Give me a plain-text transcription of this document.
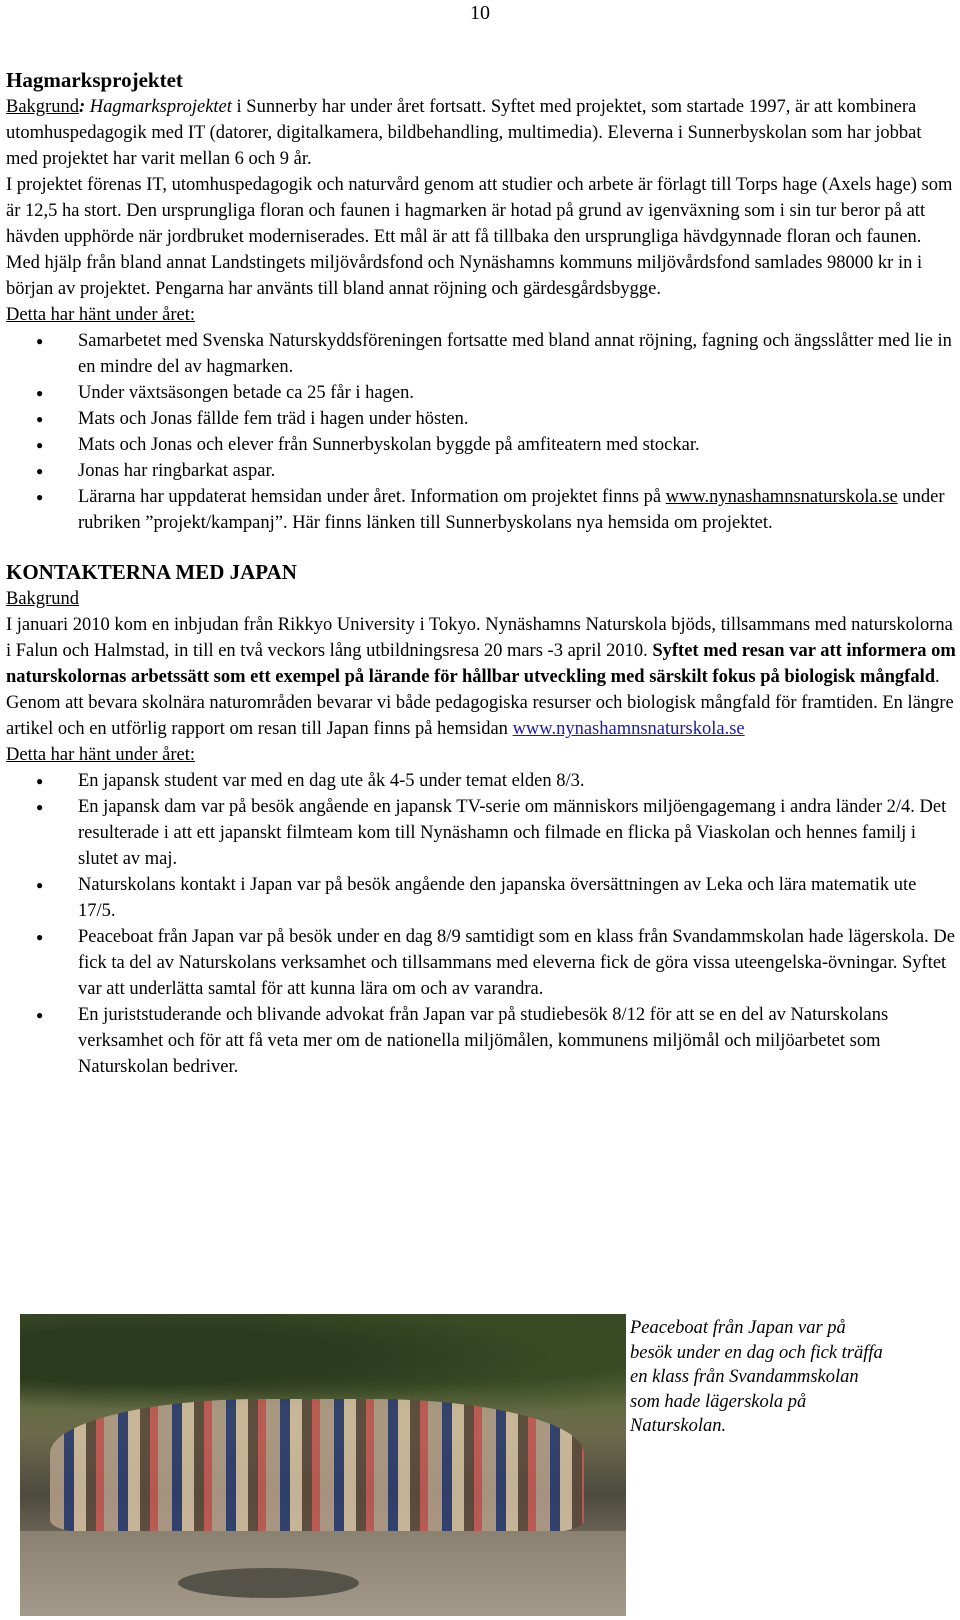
10
Hagmarksprojektet

Bakgrund: Hagmarksprojektet i Sunnerby har under året fortsatt. Syftet med projektet, som startade 1997, är att kombinera utomhuspedagogik med IT (datorer, digitalkamera, bildbehandling, multimedia). Eleverna i Sunnerbyskolan som har jobbat med projektet har varit mellan 6 och 9 år.

I projektet förenas IT, utomhuspedagogik och naturvård genom att studier och arbete är förlagt till Torps hage (Axels hage) som är 12,5 ha stort. Den ursprungliga floran och faunen i hagmarken är hotad på grund av igenväxning som i sin tur beror på att hävden upphörde när jordbruket moderniserades. Ett mål är att få tillbaka den ursprungliga hävdgynnade floran och faunen. Med hjälp från bland annat Landstingets miljövårdsfond och Nynäshamns kommuns miljövårdsfond samlades 98000 kr in i början av projektet. Pengarna har använts till bland annat röjning och gärdesgårdsbygge.

Detta har hänt under året:

● Samarbetet med Svenska Naturskyddsföreningen fortsatte med bland annat röjning, fagning och ängsslåtter med lie in en mindre del av hagmarken.
● Under växtsäsongen betade ca 25 får i hagen.
● Mats och Jonas fällde fem träd i hagen under hösten.
● Mats och Jonas och elever från Sunnerbyskolan byggde på amfiteatern med stockar.
● Jonas har ringbarkat aspar.
● Lärarna har uppdaterat hemsidan under året. Information om projektet finns på www.nynashamnsnaturskola.se under rubriken ”projekt/kampanj”. Här finns länken till Sunnerbyskolans nya hemsida om projektet.
KONTAKTERNA MED JAPAN

Bakgrund

I januari 2010 kom en inbjudan från Rikkyo University i Tokyo. Nynäshamns Naturskola bjöds, tillsammans med naturskolorna i Falun och Halmstad, in till en två veckors lång utbildningsresa 20 mars -3 april 2010. Syftet med resan var att informera om naturskolornas arbetssätt som ett exempel på lärande för hållbar utveckling med särskilt fokus på biologisk mångfald. Genom att bevara skolnära naturområden bevarar vi både pedagogiska resurser och biologisk mångfald för framtiden. En längre artikel och en utförlig rapport om resan till Japan finns på hemsidan www.nynashamnsnaturskola.se

Detta har hänt under året:

● En japansk student var med en dag ute åk 4-5 under temat elden 8/3.
● En japansk dam var på besök angående en japansk TV-serie om människors miljöengagemang i andra länder 2/4. Det resulterade i att ett japanskt filmteam kom till Nynäshamn och filmade en flicka på Viaskolan och hennes familj i slutet av maj.
● Naturskolans kontakt i Japan var på besök angående den japanska översättningen av Leka och lära matematik ute 17/5.
● Peaceboat från Japan var på besök under en dag 8/9 samtidigt som en klass från Svandammskolan hade lägerskola. De fick ta del av Naturskolans verksamhet och tillsammans med eleverna fick de göra vissa uteengelska-övningar. Syftet var att underlätta samtal för att kunna lära om och av varandra.
● En juriststuderande och blivande advokat från Japan var på studiebesök 8/12 för att se en del av Naturskolans verksamhet och för att få veta mer om de nationella miljömålen, kommunens miljömål och miljöarbetet som Naturskolan bedriver.
Peaceboat från Japan var på besök under en dag och fick träffa en klass från Svandammskolan som hade lägerskola på Naturskolan.
